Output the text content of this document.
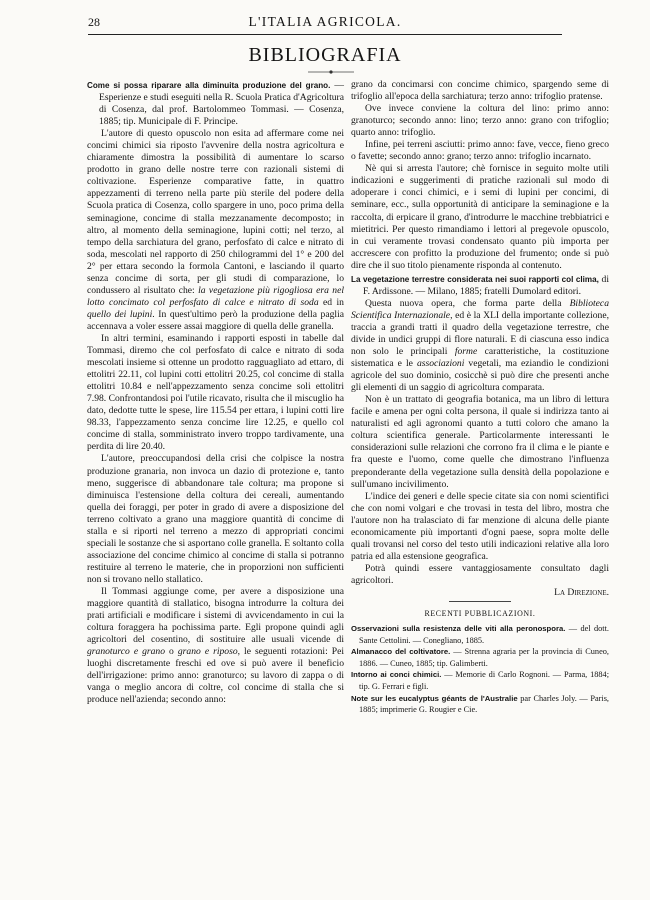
28	L'ITALIA AGRICOLA.
BIBLIOGRAFIA

Come si possa riparare alla diminuita produzione del grano. — Esperienze e studi eseguiti nella R. Scuola Pratica d'Agricoltura di Cosenza, dal prof. Bartolommeo Tommasi. — Cosenza, 1885; tip. Municipale di F. Principe.

L'autore di questo opuscolo non esita ad affermare come nei concimi chimici sia riposto l'avvenire della nostra agricoltura e chiaramente dimostra la possibilità di aumentare lo scarso prodotto in grano delle nostre terre con razionali sistemi di coltivazione. Esperienze comparative fatte, in quattro appezzamenti di terreno nella parte più sterile del podere della Scuola pratica di Cosenza, collo spargere in uno, poco prima della seminagione, concime di stalla mezzanamente decomposto; in altro, al momento della seminagione, lupini cotti; nel terzo, al tempo della sarchiatura del grano, perfosfato di calce e nitrato di soda, mescolati nel rapporto di 250 chilogrammi del 1° e 200 del 2° per ettara secondo la formola Cantoni, e lasciando il quarto senza concime di sorta, per gli studi di comparazione, lo condussero al risultato che: la vegetazione più rigogliosa era nel lotto concimato col perfosfato di calce e nitrato di soda ed in quello dei lupini. In quest'ultimo però la produzione della paglia accennava a voler essere assai maggiore di quella delle granella.

In altri termini, esaminando i rapporti esposti in tabelle dal Tommasi, diremo che col perfosfato di calce e nitrato di soda mescolati insieme si ottenne un prodotto ragguagliato ad ettaro, di ettolitri 22.11, col lupini cotti ettolitri 20.25, col concime di stalla ettolitri 10.84 e nell'appezzamento senza concime soli ettolitri 7.98. Confrontandosi poi l'utile ricavato, risulta che il miscuglio ha dato, dedotte tutte le spese, lire 115.54 per ettara, i lupini cotti lire 98.33, l'appezzamento senza concime lire 12.25, e quello col concime di stalla, somministrato invero troppo tardivamente, una perdita di lire 20.40.

L'autore, preoccupandosi della crisi che colpisce la nostra produzione granaria, non invoca un dazio di protezione e, tanto meno, suggerisce di abbandonare tale coltura; ma propone si diminuisca l'estensione della coltura dei cereali, aumentando quella dei foraggi, per poter in grado di avere a disposizione del terreno coltivato a grano una maggiore quantità di concime di stalla e si riporti nel terreno a mezzo di appropriati concimi speciali le sostanze che si asportano colle granella. E soltanto colla associazione del concime chimico al concime di stalla si potranno restituire al terreno le materie, che in proporzioni non sufficienti non si trovano nello stallatico.

Il Tommasi aggiunge come, per avere a disposizione una maggiore quantità di stallatico, bisogna introdurre la coltura dei prati artificiali e modificare i sistemi di avvicendamento in cui la coltura foraggera ha pochissima parte. Egli propone quindi agli agricoltori del cosentino, di sostituire alle usuali vicende di granoturco e grano o grano e riposo, le seguenti rotazioni: Pei luoghi discretamente freschi ed ove si può avere il beneficio dell'irrigazione: primo anno: granoturco; su lavoro di zappa o di vanga o meglio ancora di coltre, col concime di stalla che si produce nell'azienda; secondo anno:

grano da concimarsi con concime chimico, spargendo seme di trifoglio all'epoca della sarchiatura; terzo anno: trifoglio pratense.

Ove invece conviene la coltura del lino: primo anno: granoturco; secondo anno: lino; terzo anno: grano con trifoglio; quarto anno: trifoglio.

Infine, pei terreni asciutti: primo anno: fave, vecce, fieno greco o favette; secondo anno: grano; terzo anno: trifoglio incarnato.

Nè qui si arresta l'autore; chè fornisce in seguito molte utili indicazioni e suggerimenti di pratiche razionali sul modo di adoperare i conci chimici, e i semi di lupini per concimi, di seminare, ecc., sulla opportunità di anticipare la seminagione e la raccolta, di erpicare il grano, d'introdurre le macchine trebbiatrici e mietitrici. Per questo rimandiamo i lettori al pregevole opuscolo, in cui veramente trovasi condensato quanto più importa per accrescere con profitto la produzione del frumento; onde si può dire che il suo titolo pienamente risponda al contenuto.

La vegetazione terrestre considerata nei suoi rapporti col clima, di F. Ardissone. — Milano, 1885; fratelli Dumolard editori.

Questa nuova opera, che forma parte della Biblioteca Scientifica Internazionale, ed è la XLI della importante collezione, traccia a grandi tratti il quadro della vegetazione terrestre, che divide in undici gruppi di flore naturali. E di ciascuna esso indica non solo le principali forme caratteristiche, la costituzione sistematica e le associazioni vegetali, ma eziandio le condizioni agricole del suo dominio, cosicchè si può dire che presenti anche gli elementi di un saggio di agricoltura comparata.

Non è un trattato di geografia botanica, ma un libro di lettura facile e amena per ogni colta persona, il quale si indirizza tanto ai naturalisti ed agli agronomi quanto a tutti coloro che amano la coltura scientifica generale. Particolarmente interessanti le considerazioni sulle relazioni che corrono fra il clima e le piante e fra queste e l'uomo, come quelle che dimostrano l'influenza preponderante della vegetazione sulla densità della popolazione e sull'umano incivilimento.

L'indice dei generi e delle specie citate sia con nomi scientifici che con nomi volgari e che trovasi in testa del libro, mostra che l'autore non ha tralasciato di far menzione di alcuna delle piante economicamente più importanti d'ogni paese, sopra molte delle quali trovansi nel corso del testo utili indicazioni relative alla loro patria ed alla estensione geografica.

Potrà quindi essere vantaggiosamente consultato dagli agricoltori.

La Direzione.

RECENTI PUBBLICAZIONI.

Osservazioni sulla resistenza delle viti alla peronospora. — del dott. Sante Cettolini. — Conegliano, 1885.

Almanacco del coltivatore. — Strenna agraria per la provincia di Cuneo, 1886. — Cuneo, 1885; tip. Galimberti.

Intorno ai conci chimici. — Memorie di Carlo Rognoni. — Parma, 1884; tip. G. Ferrari e figli.

Note sur les eucalyptus géants de l'Australie par Charles Joly. — Paris, 1885; imprimerie G. Rougier e Cie.
